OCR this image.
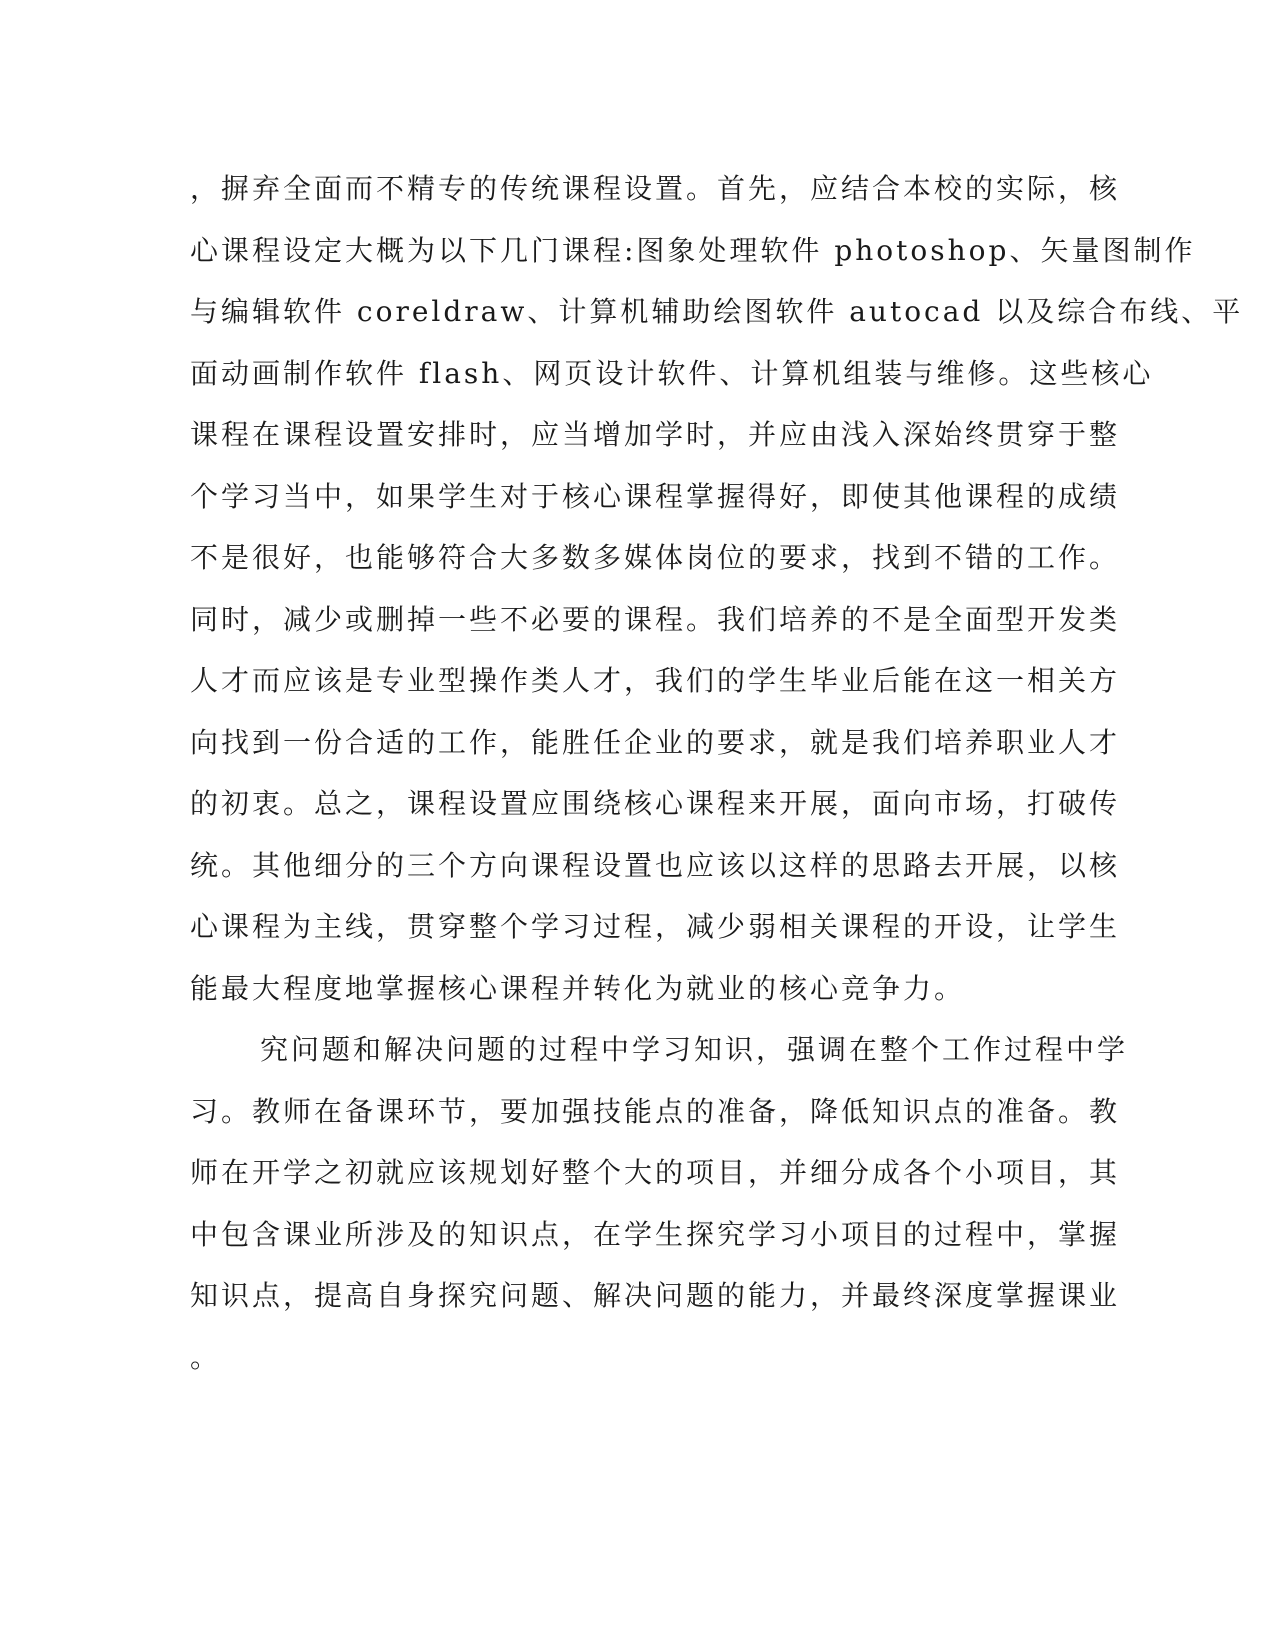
，摒弃全面而不精专的传统课程设置。首先，应结合本校的实际，核
心课程设定大概为以下几门课程:图象处理软件 photoshop、矢量图制作
与编辑软件 coreldraw、计算机辅助绘图软件 autocad 以及综合布线、平
面动画制作软件 flash、网页设计软件、计算机组装与维修。这些核心
课程在课程设置安排时，应当增加学时，并应由浅入深始终贯穿于整
个学习当中，如果学生对于核心课程掌握得好，即使其他课程的成绩
不是很好，也能够符合大多数多媒体岗位的要求，找到不错的工作。
同时，减少或删掉一些不必要的课程。我们培养的不是全面型开发类
人才而应该是专业型操作类人才，我们的学生毕业后能在这一相关方
向找到一份合适的工作，能胜任企业的要求，就是我们培养职业人才
的初衷。总之，课程设置应围绕核心课程来开展，面向市场，打破传
统。其他细分的三个方向课程设置也应该以这样的思路去开展，以核
心课程为主线，贯穿整个学习过程，减少弱相关课程的开设，让学生
能最大程度地掌握核心课程并转化为就业的核心竞争力。
究问题和解决问题的过程中学习知识，强调在整个工作过程中学
习。教师在备课环节，要加强技能点的准备，降低知识点的准备。教
师在开学之初就应该规划好整个大的项目，并细分成各个小项目，其
中包含课业所涉及的知识点，在学生探究学习小项目的过程中，掌握
知识点，提高自身探究问题、解决问题的能力，并最终深度掌握课业
。
